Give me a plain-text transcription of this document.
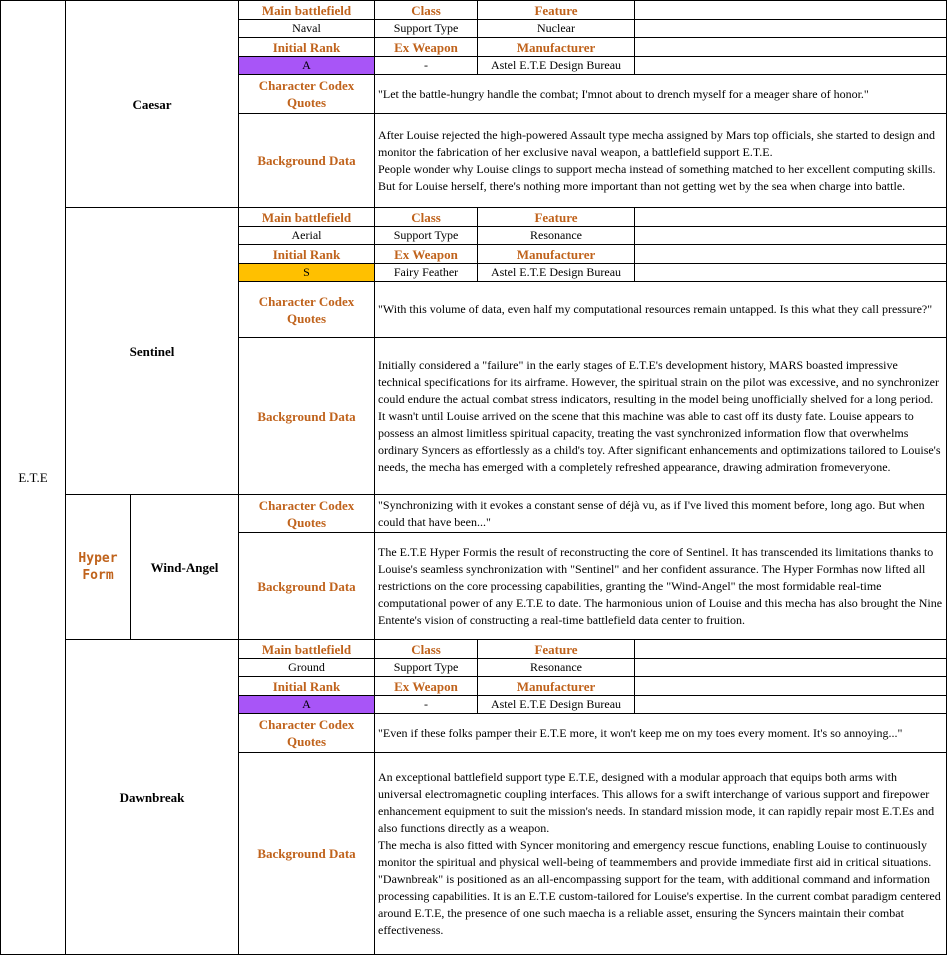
E.T.E	Caesar		Main battlefield	Class	Feature	
			Naval	Support Type	Nuclear	
			Initial Rank	Ex Weapon	Manufacturer	
			A	-	Astel E.T.E Design Bureau	
			Character Codex Quotes	"Let the battle-hungry handle the combat; I'mnot about to drench myself for a meager share of honor."		
			Background Data	After Louise rejected the high-powered Assault type mecha assigned by Mars top officials, she started to design and monitor the fabrication of her exclusive naval weapon, a battlefield support E.T.E.
People wonder why Louise clings to support mecha instead of something matched to her excellent computing skills. But for Louise herself, there's nothing more important than not getting wet by the sea when charge into battle.		
	Sentinel		Main battlefield	Class	Feature	
			Aerial	Support Type	Resonance	
			Initial Rank	Ex Weapon	Manufacturer	
			S	Fairy Feather	Astel E.T.E Design Bureau	
			Character Codex Quotes	"With this volume of data, even half my computational resources remain untapped. Is this what they call pressure?"		
			Background Data	Initially considered a "failure" in the early stages of E.T.E's development history, MARS boasted impressive technical specifications for its airframe. However, the spiritual strain on the pilot was excessive, and no synchronizer could endure the actual combat stress indicators, resulting in the model being unofficially shelved for a long period.
It wasn't until Louise arrived on the scene that this machine was able to cast off its dusty fate. Louise appears to possess an almost limitless spiritual capacity, treating the vast synchronized information flow that overwhelms ordinary Syncers as effortlessly as a child's toy. After significant enhancements and optimizations tailored to Louise's needs, the mecha has emerged with a completely refreshed appearance, drawing admiration fromeveryone.		
	Hyper Form	Wind-Angel	Character Codex Quotes	"Synchronizing with it evokes a constant sense of déjà vu, as if I've lived this moment before, long ago. But when could that have been..."		
			Background Data	The E.T.E Hyper Formis the result of reconstructing the core of Sentinel. It has transcended its limitations thanks to Louise's seamless synchronization with "Sentinel" and her confident assurance. The Hyper Formhas now lifted all restrictions on the core processing capabilities, granting the "Wind-Angel" the most formidable real-time computational power of any E.T.E to date. The harmonious union of Louise and this mecha has also brought the Nine Entente's vision of constructing a real-time battlefield data center to fruition.		
	Dawnbreak		Main battlefield	Class	Feature	
			Ground	Support Type	Resonance	
			Initial Rank	Ex Weapon	Manufacturer	
			A	-	Astel E.T.E Design Bureau	
			Character Codex Quotes	"Even if these folks pamper their E.T.E more, it won't keep me on my toes every moment. It's so annoying..."		
			Background Data	An exceptional battlefield support type E.T.E, designed with a modular approach that equips both arms with universal electromagnetic coupling interfaces. This allows for a swift interchange of various support and firepower enhancement equipment to suit the mission's needs. In standard mission mode, it can rapidly repair most E.T.Es and also functions directly as a weapon.
The mecha is also fitted with Syncer monitoring and emergency rescue functions, enabling Louise to continuously monitor the spiritual and physical well-being of teammembers and provide immediate first aid in critical situations.
"Dawnbreak" is positioned as an all-encompassing support for the team, with additional command and information processing capabilities. It is an E.T.E custom-tailored for Louise's expertise. In the current combat paradigm centered around E.T.E, the presence of one such maecha is a reliable asset, ensuring the Syncers maintain their combat effectiveness.		
